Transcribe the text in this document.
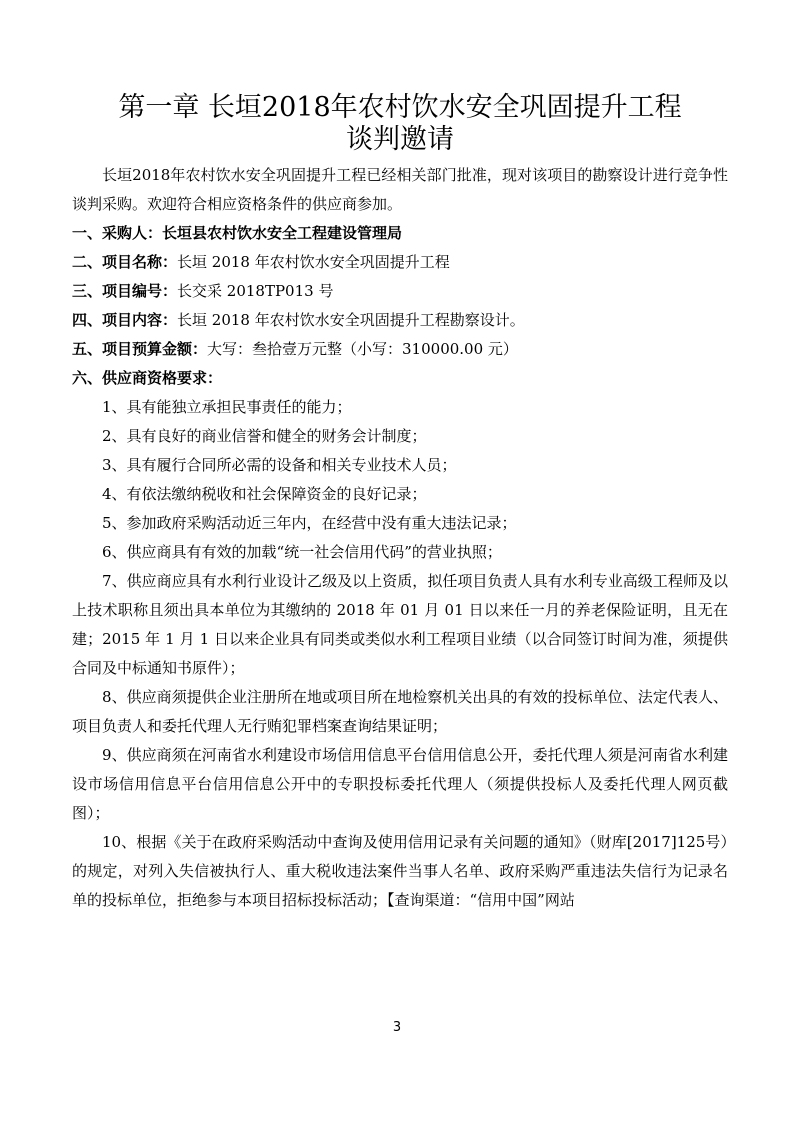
第一章 长垣2018年农村饮水安全巩固提升工程
谈判邀请

长垣2018年农村饮水安全巩固提升工程已经相关部门批准，现对该项目的勘察设计进行竞争性谈判采购。欢迎符合相应资格条件的供应商参加。

一、采购人：长垣县农村饮水安全工程建设管理局

二、项目名称：长垣 2018 年农村饮水安全巩固提升工程

三、项目编号：长交采 2018TP013 号

四、项目内容：长垣 2018 年农村饮水安全巩固提升工程勘察设计。

五、项目预算金额：大写：叁拾壹万元整（小写：310000.00 元）

六、供应商资格要求：

1、具有能独立承担民事责任的能力；

2、具有良好的商业信誉和健全的财务会计制度；

3、具有履行合同所必需的设备和相关专业技术人员；

4、有依法缴纳税收和社会保障资金的良好记录；

5、参加政府采购活动近三年内，在经营中没有重大违法记录；

6、供应商具有有效的加载“统一社会信用代码”的营业执照；

7、供应商应具有水利行业设计乙级及以上资质，拟任项目负责人具有水利专业高级工程师及以上技术职称且须出具本单位为其缴纳的 2018 年 01 月 01 日以来任一月的养老保险证明，且无在建；2015 年 1 月 1 日以来企业具有同类或类似水利工程项目业绩（以合同签订时间为准，须提供合同及中标通知书原件）；

8、供应商须提供企业注册所在地或项目所在地检察机关出具的有效的投标单位、法定代表人、项目负责人和委托代理人无行贿犯罪档案查询结果证明；

9、供应商须在河南省水利建设市场信用信息平台信用信息公开，委托代理人须是河南省水利建设市场信用信息平台信用信息公开中的专职投标委托代理人（须提供投标人及委托代理人网页截图）；

10、根据《关于在政府采购活动中查询及使用信用记录有关问题的通知》（财库[2017]125号）的规定，对列入失信被执行人、重大税收违法案件当事人名单、政府采购严重违法失信行为记录名单的投标单位，拒绝参与本项目招标投标活动；【查询渠道：“信用中国”网站

3
